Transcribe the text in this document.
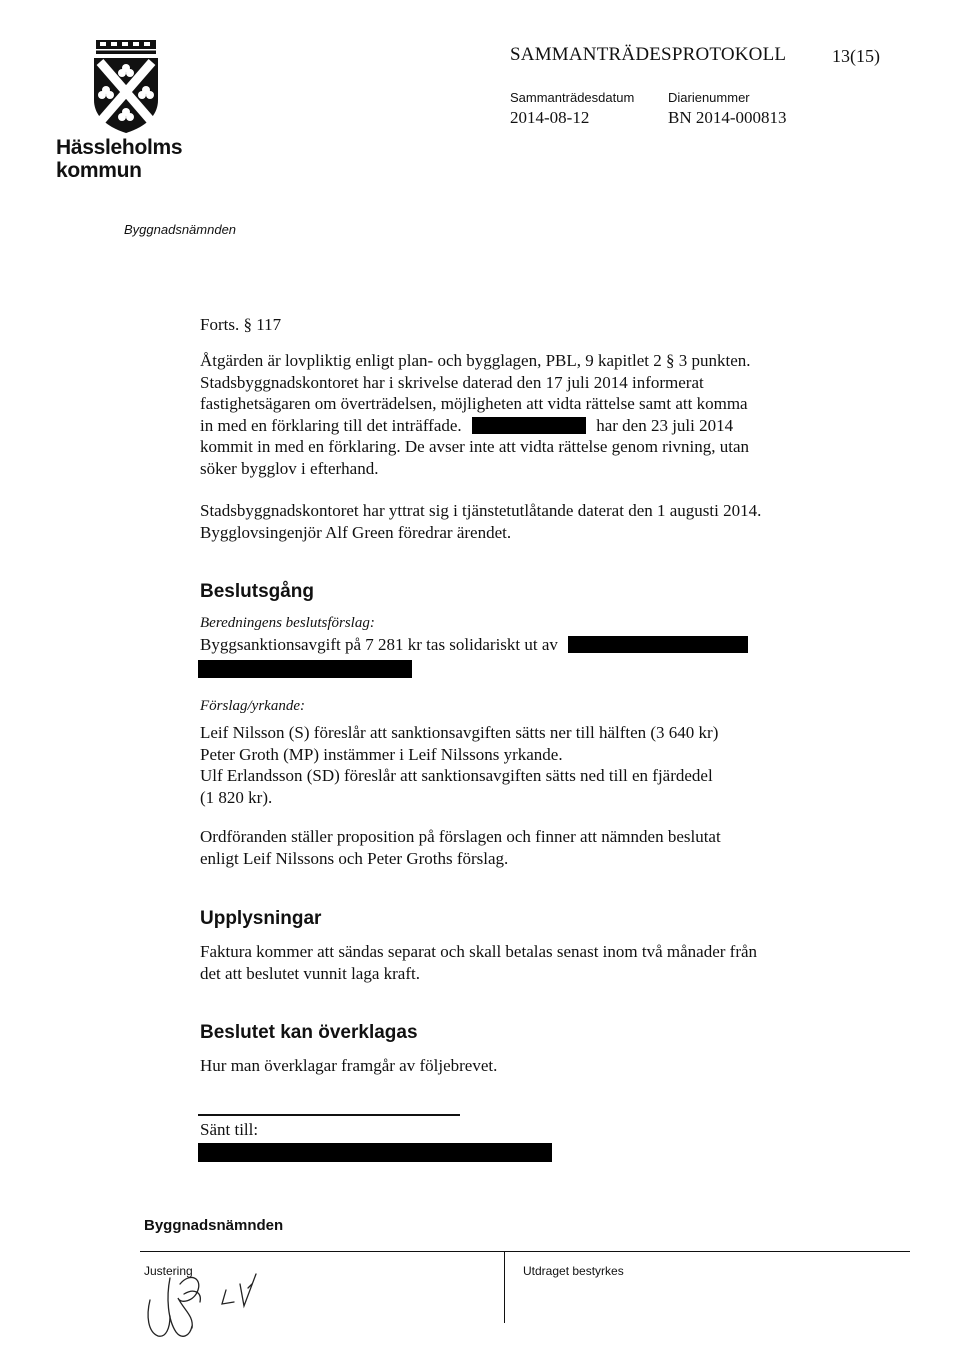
Hässleholms
kommun
SAMMANTRÄDESPROTOKOLL	13(15)
Sammanträdesdatum
2014-08-12
Diarienummer
BN 2014-000813
Byggnadsnämnden
Forts. § 117
Åtgärden är lovpliktig enligt plan- och bygglagen, PBL, 9 kapitlet 2 § 3 punkten.
Stadsbyggnadskontoret har i skrivelse daterad den 17 juli 2014 informerat
fastighetsägaren om överträdelsen, möjligheten att vidta rättelse samt att komma
in med en förklaring till det inträffade.	har den 23 juli 2014
kommit in med en förklaring. De avser inte att vidta rättelse genom rivning, utan
söker bygglov i efterhand.
Stadsbyggnadskontoret har yttrat sig i tjänstetutlåtande daterat den 1 augusti 2014.
Bygglovsingenjör Alf Green föredrar ärendet.
Beslutsgång
Beredningens beslutsförslag:
Byggsanktionsavgift på 7 281 kr tas solidariskt ut av
Förslag/yrkande:
Leif Nilsson (S) föreslår att sanktionsavgiften sätts ner till hälften (3 640 kr)
Peter Groth (MP) instämmer i Leif Nilssons yrkande.
Ulf Erlandsson (SD) föreslår att sanktionsavgiften sätts ned till en fjärdedel
(1 820 kr).
Ordföranden ställer proposition på förslagen och finner att nämnden beslutat
enligt Leif Nilssons och Peter Groths förslag.
Upplysningar
Faktura kommer att sändas separat och skall betalas senast inom två månader från
det att beslutet vunnit laga kraft.
Beslutet kan överklagas
Hur man överklagar framgår av följebrevet.
Sänt till:
Byggnadsnämnden
Justering	Utdraget bestyrkes
